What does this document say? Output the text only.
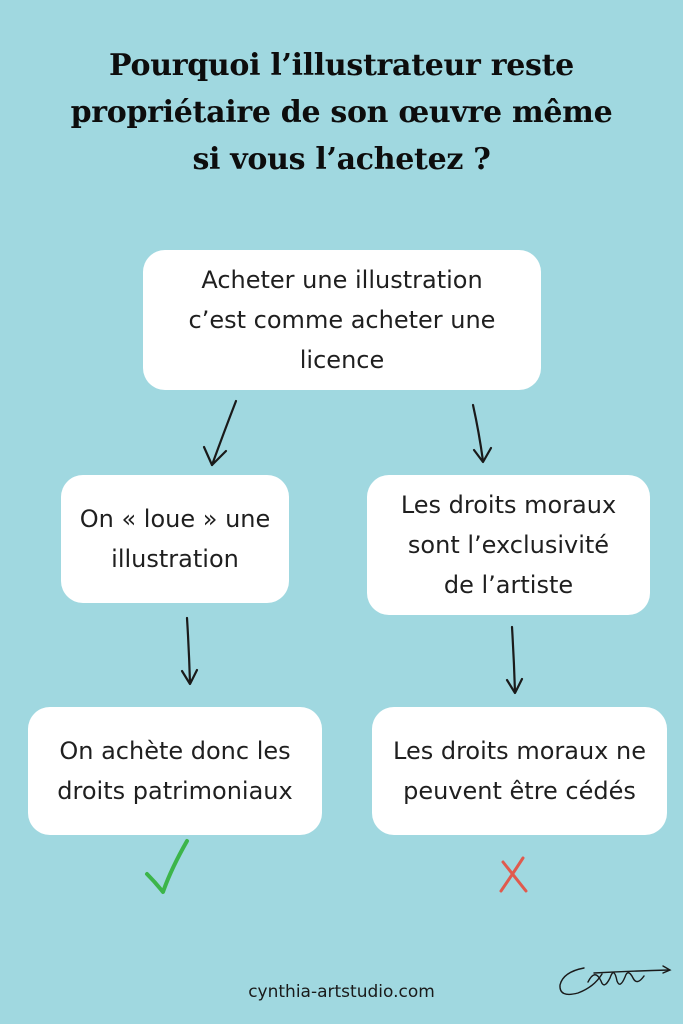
Pourquoi l’illustrateur reste
propriétaire de son œuvre même
si vous l’achetez ?
Acheter une illustration
c’est comme acheter une
licence
On « loue » une
illustration
Les droits moraux
sont l’exclusivité
de l’artiste
On achète donc les
droits patrimoniaux
Les droits moraux ne
peuvent être cédés
cynthia-artstudio.com
